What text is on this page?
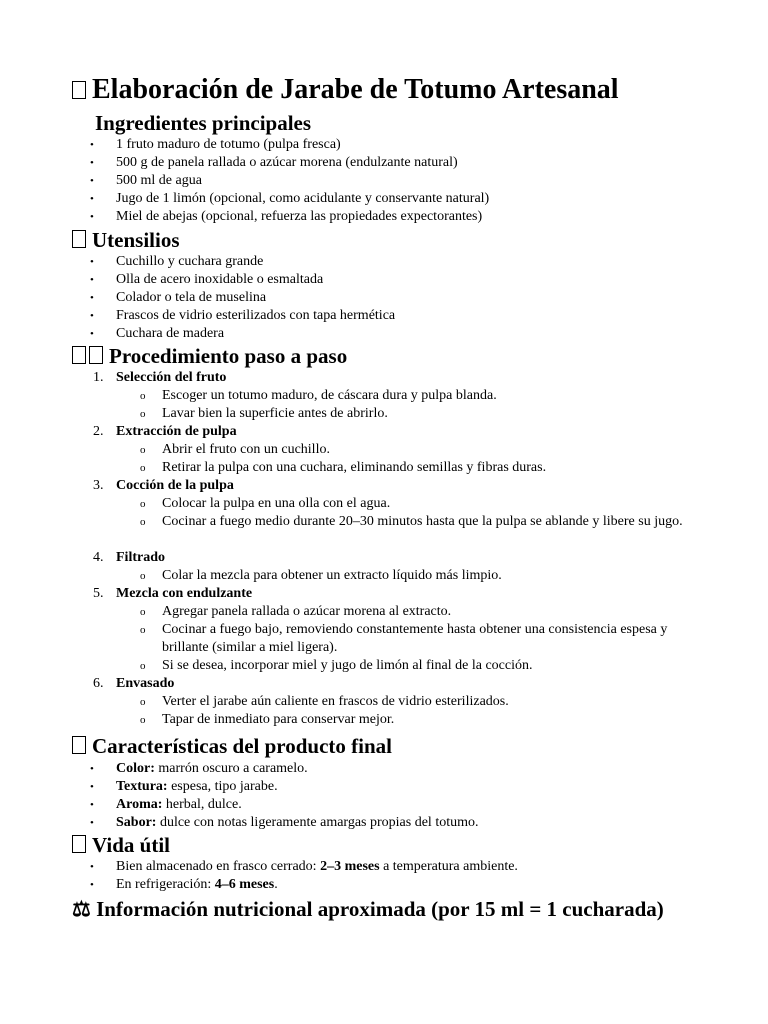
Elaboración de Jarabe de Totumo Artesanal
Ingredientes principales
• 1 fruto maduro de totumo (pulpa fresca)
• 500 g de panela rallada o azúcar morena (endulzante natural)
• 500 ml de agua
• Jugo de 1 limón (opcional, como acidulante y conservante natural)
• Miel de abejas (opcional, refuerza las propiedades expectorantes)
Utensilios
• Cuchillo y cuchara grande
• Olla de acero inoxidable o esmaltada
• Colador o tela de muselina
• Frascos de vidrio esterilizados con tapa hermética
• Cuchara de madera
Procedimiento paso a paso
1. Selección del fruto
o Escoger un totumo maduro, de cáscara dura y pulpa blanda.
o Lavar bien la superficie antes de abrirlo.
2. Extracción de pulpa
o Abrir el fruto con un cuchillo.
o Retirar la pulpa con una cuchara, eliminando semillas y fibras duras.
3. Cocción de la pulpa
o Colocar la pulpa en una olla con el agua.
o Cocinar a fuego medio durante 20–30 minutos hasta que la pulpa se ablande y libere su jugo.
4. Filtrado
o Colar la mezcla para obtener un extracto líquido más limpio.
5. Mezcla con endulzante
o Agregar panela rallada o azúcar morena al extracto.
o Cocinar a fuego bajo, removiendo constantemente hasta obtener una consistencia espesa y brillante (similar a miel ligera).
o Si se desea, incorporar miel y jugo de limón al final de la cocción.
6. Envasado
o Verter el jarabe aún caliente en frascos de vidrio esterilizados.
o Tapar de inmediato para conservar mejor.
Características del producto final
• Color: marrón oscuro a caramelo.
• Textura: espesa, tipo jarabe.
• Aroma: herbal, dulce.
• Sabor: dulce con notas ligeramente amargas propias del totumo.
Vida útil
• Bien almacenado en frasco cerrado: 2–3 meses a temperatura ambiente.
• En refrigeración: 4–6 meses.
⚖ Información nutricional aproximada (por 15 ml = 1 cucharada)
